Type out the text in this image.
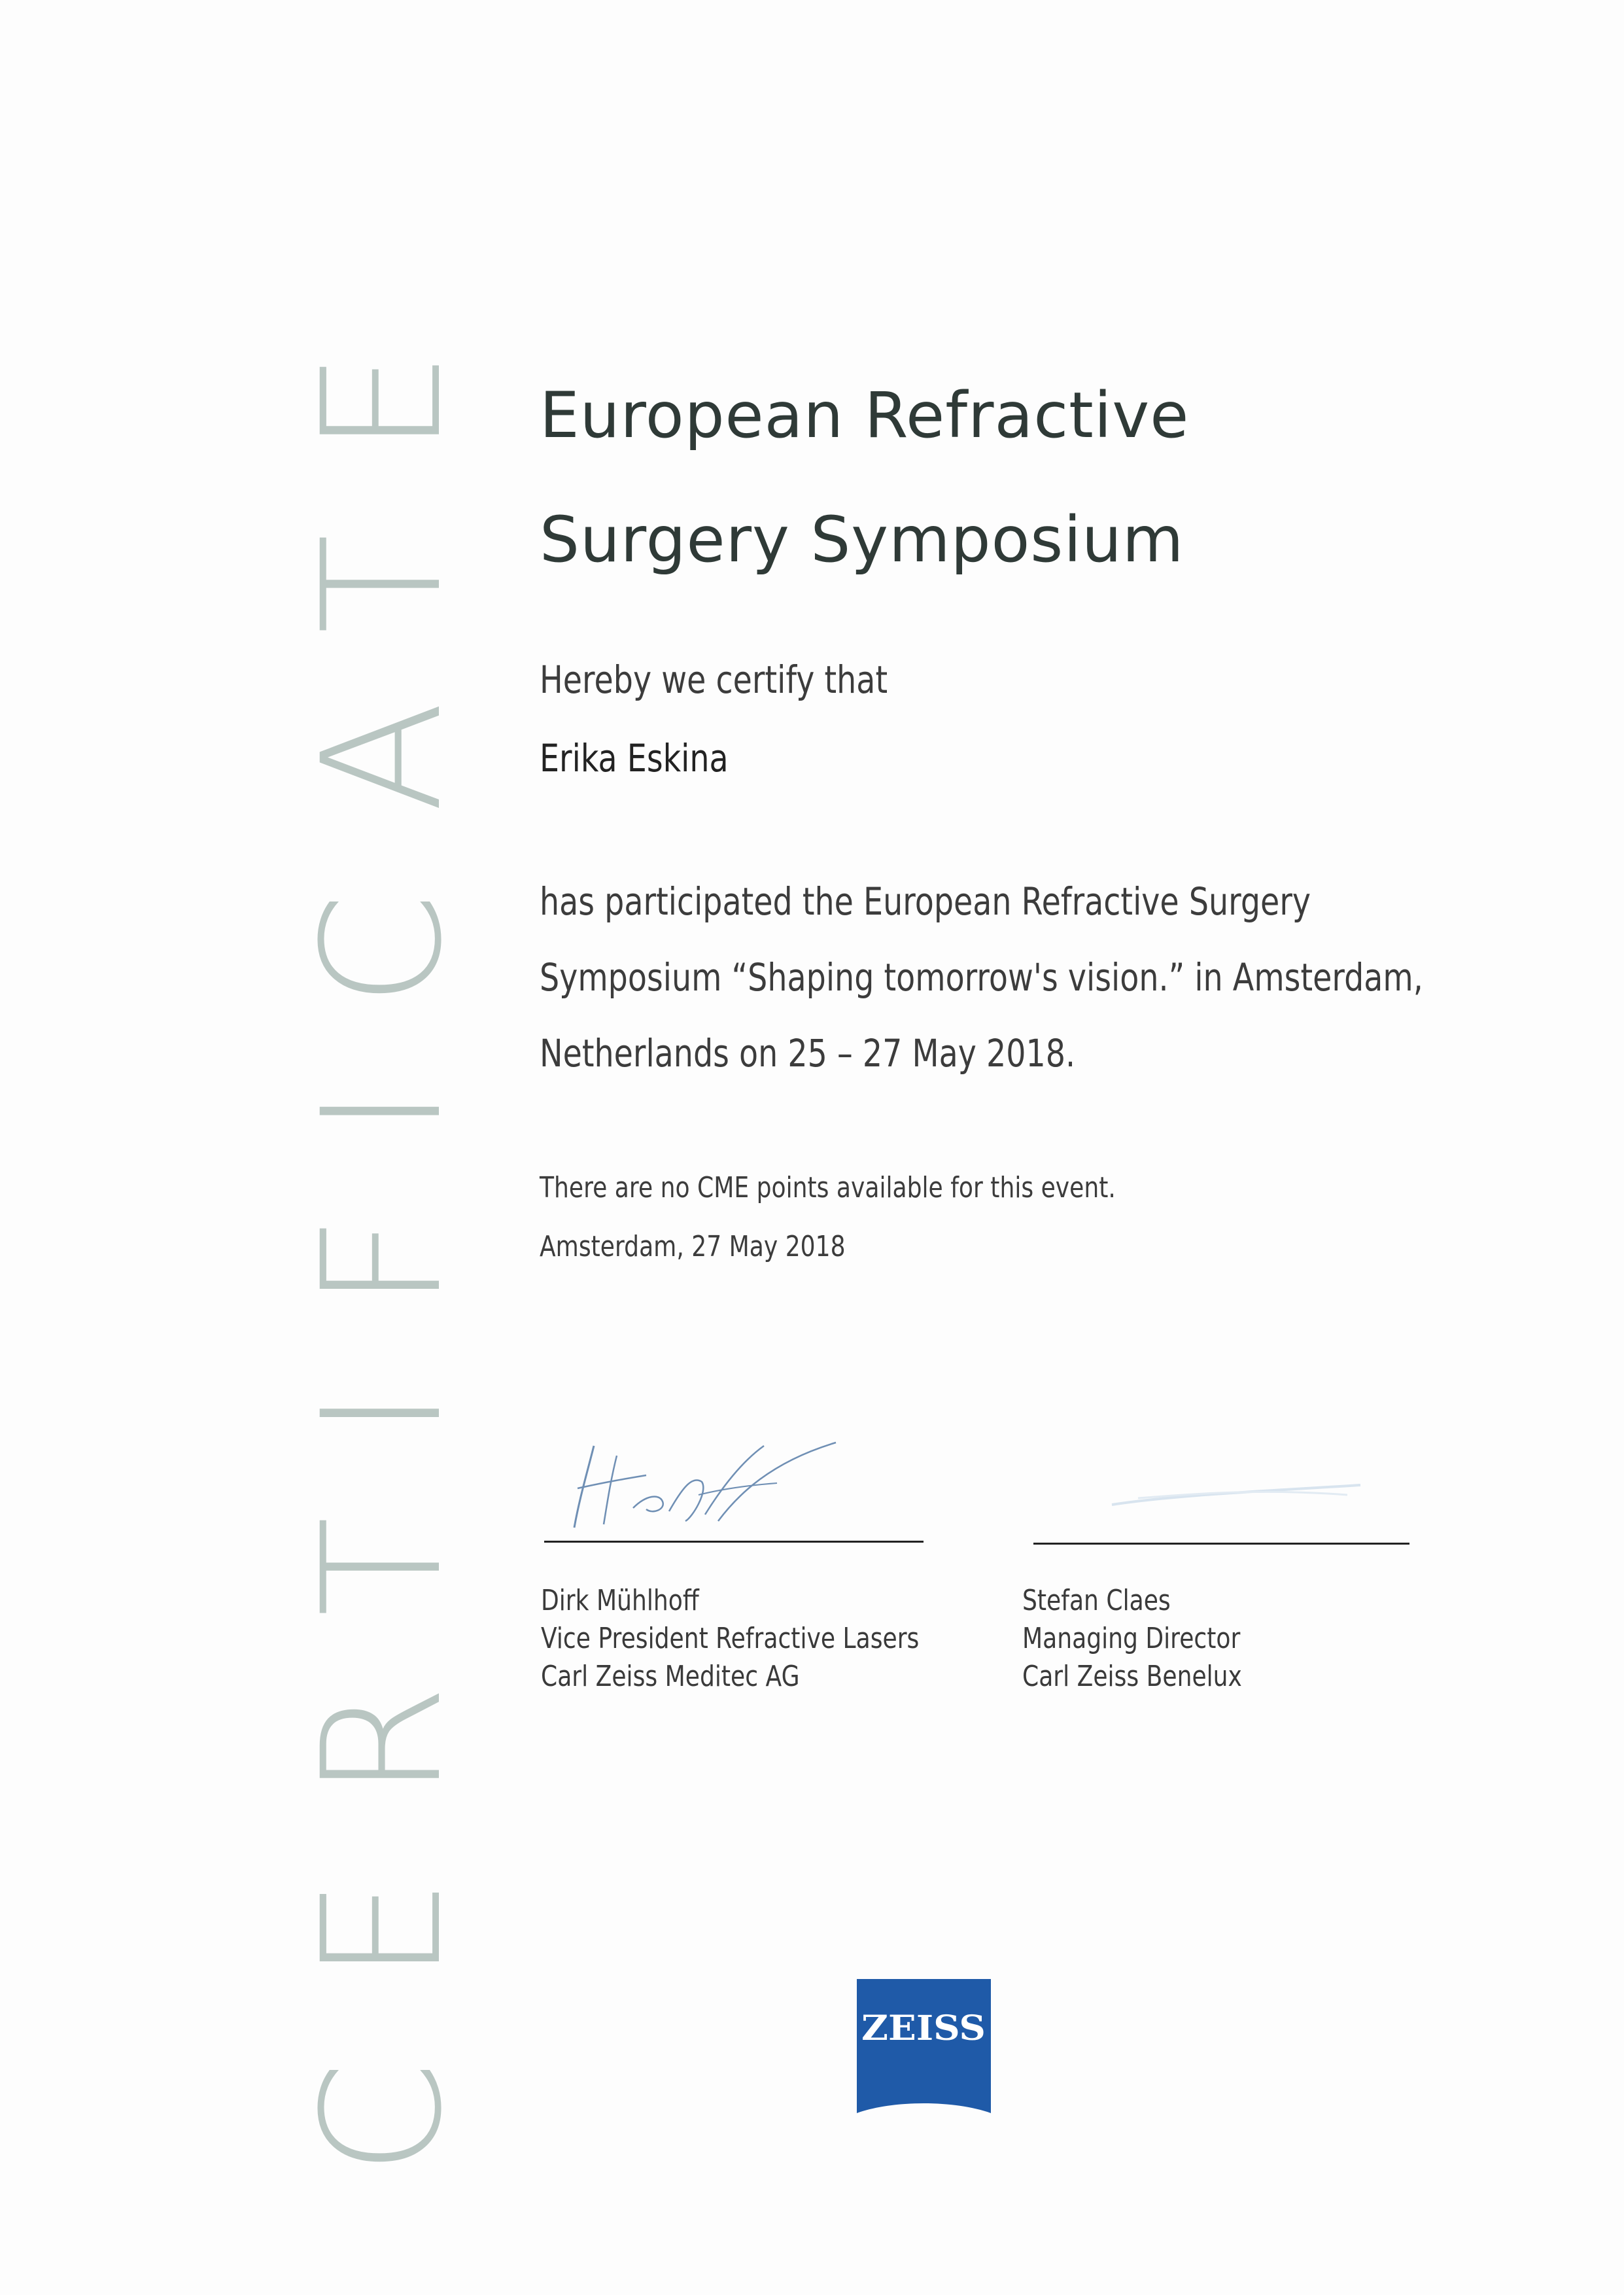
CERTIFICATE European Refractive
Surgery Symposium
Hereby we certify that
Erika Eskina
has participated the European Refractive Surgery
Symposium “Shaping tomorrow's vision.” in Amsterdam,
Netherlands on 25 – 27 May 2018.
There are no CME points available for this event.
Amsterdam, 27 May 2018
Dirk Mühlhoff
Vice President Refractive Lasers
Carl Zeiss Meditec AG
Stefan Claes
Managing Director
Carl Zeiss Benelux
ZEISS
